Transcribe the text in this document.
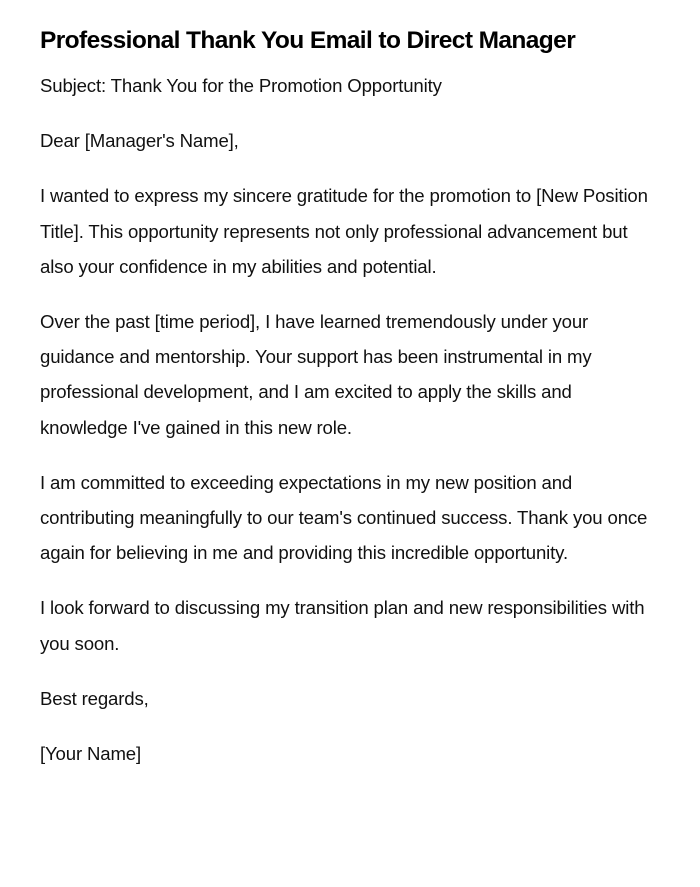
Professional Thank You Email to Direct Manager

Subject: Thank You for the Promotion Opportunity

Dear [Manager's Name],

I wanted to express my sincere gratitude for the promotion to [New Position Title]. This opportunity represents not only professional advancement but also your confidence in my abilities and potential.

Over the past [time period], I have learned tremendously under your guidance and mentorship. Your support has been instrumental in my professional development, and I am excited to apply the skills and knowledge I've gained in this new role.

I am committed to exceeding expectations in my new position and contributing meaningfully to our team's continued success. Thank you once again for believing in me and providing this incredible opportunity.

I look forward to discussing my transition plan and new responsibilities with you soon.

Best regards,

[Your Name]
